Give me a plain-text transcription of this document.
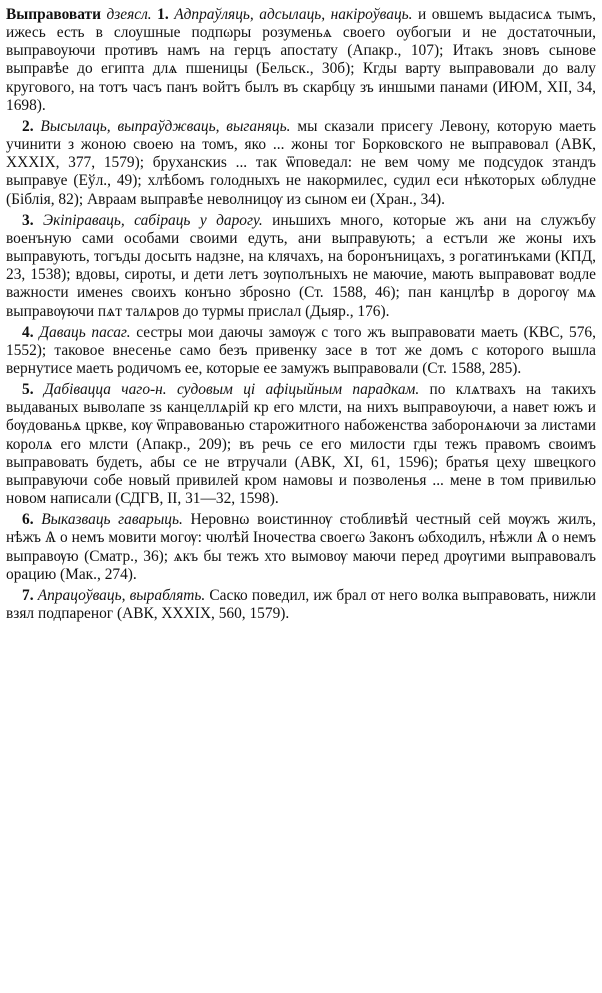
Выправовати дзеясл. 1. Адпраўляць, адсылаць, накіроўваць. и овшемъ выдасисѧ тымъ, ижесь есть в слоушные подпωры розуменьѧ своего оубогыи и не достаточныи, выправоуючи противъ намъ на герцъ апостату (Апакр., 107); Итакъ зновъ сынове выправѣе до египта длѧ пшеницы (Бельск., 30б); Кгды варту выправовали до валу кругового, на тотъ часъ панъ войтъ былъ въ скарбцу зъ иншыми панами (ИЮМ, XII, 34, 1698).

2. Высылаць, выпраўджваць, выганяць. мы сказали присегу Левону, которую маеть учинити з жоною своею на томъ, яко ... жоны тог Борковского не выправовал (АВК, XXXIX, 377, 1579); бруханскиѕ ... так ѿповедал: не вем чому ме подсудок зтандъ выправуе (Еўл., 49); хлѣбомъ голодныхъ не накормилес, судил еси нѣкоторых ωблудне (Біблія, 82); Авраам выправѣе неволницѹ из сыном еи (Хран., 34).

3. Экіпіраваць, сабіраць у дарогу. иньшихъ много, которые жъ ани на служъбу военъную сами особами своими едуть, ани выправують; а естъли же жоны ихъ выправують, тогъды досыть надзне, на клячахъ, на боронъницахъ, з рогатинъками (КПД, 23, 1538); вдовы, сироты, и дети летъ зѹполъныхъ не маючие, мають выправоват водле важности именеѕ своихъ конъно зброѕно (Ст. 1588, 46); пан канцлѣр в дорогѹ мѧ выправѹючи пѧт талѧров до турмы прислал (Дыяр., 176).

4. Даваць пасаг. сестры мои даючы замѹж с того жъ выправовати маеть (КВС, 576, 1552); таковое внесенье само безъ привенку засе в тот же домъ с которого вышла вернутисе маеть родичомъ ее, которые ее замужъ выправовали (Ст. 1588, 285).

5. Дабівацца чаго-н. судовым ці афіцыйным парадкам. по клѧтвахъ на такихъ выдаваных выволапе зѕ канцеллѧрій кр его млсти, на нихъ выправоуючи, а навет южъ и бѹдованьѧ цркве, кѹ ѿправованью старожитного набоженства заборонѧючи за листами королѧ его млсти (Апакр., 209); въ речь се его милости гды тежъ правомъ своимъ выправовать будеть, абы се не втручали (АВК, XI, 61, 1596); братья цеху швецкого выправуючи собе новый привилей кром намовы и позволенья ... мене в том привилью новом написали (СДГВ, II, 31—32, 1598).

6. Выказваць гаварыць. Неровнω воистиннѹ стобливѣй честный сей мѹжъ жилъ, нѣжъ Ѧ о немъ мовити могѹ: чюлѣй Іночества своегω Законъ ωбходилъ, нѣжли Ѧ о немъ выправѹю (Сматр., 36); ѧкъ бы тежъ хто вымовѹ маючи перед дрѹгими выправовалъ орацию (Мак., 274).

7. Апрацоўваць, выраблять. Саско поведил, иж брал от него волка выправовать, нижли взял подпареног (АВК, XXXIX, 560, 1579).
